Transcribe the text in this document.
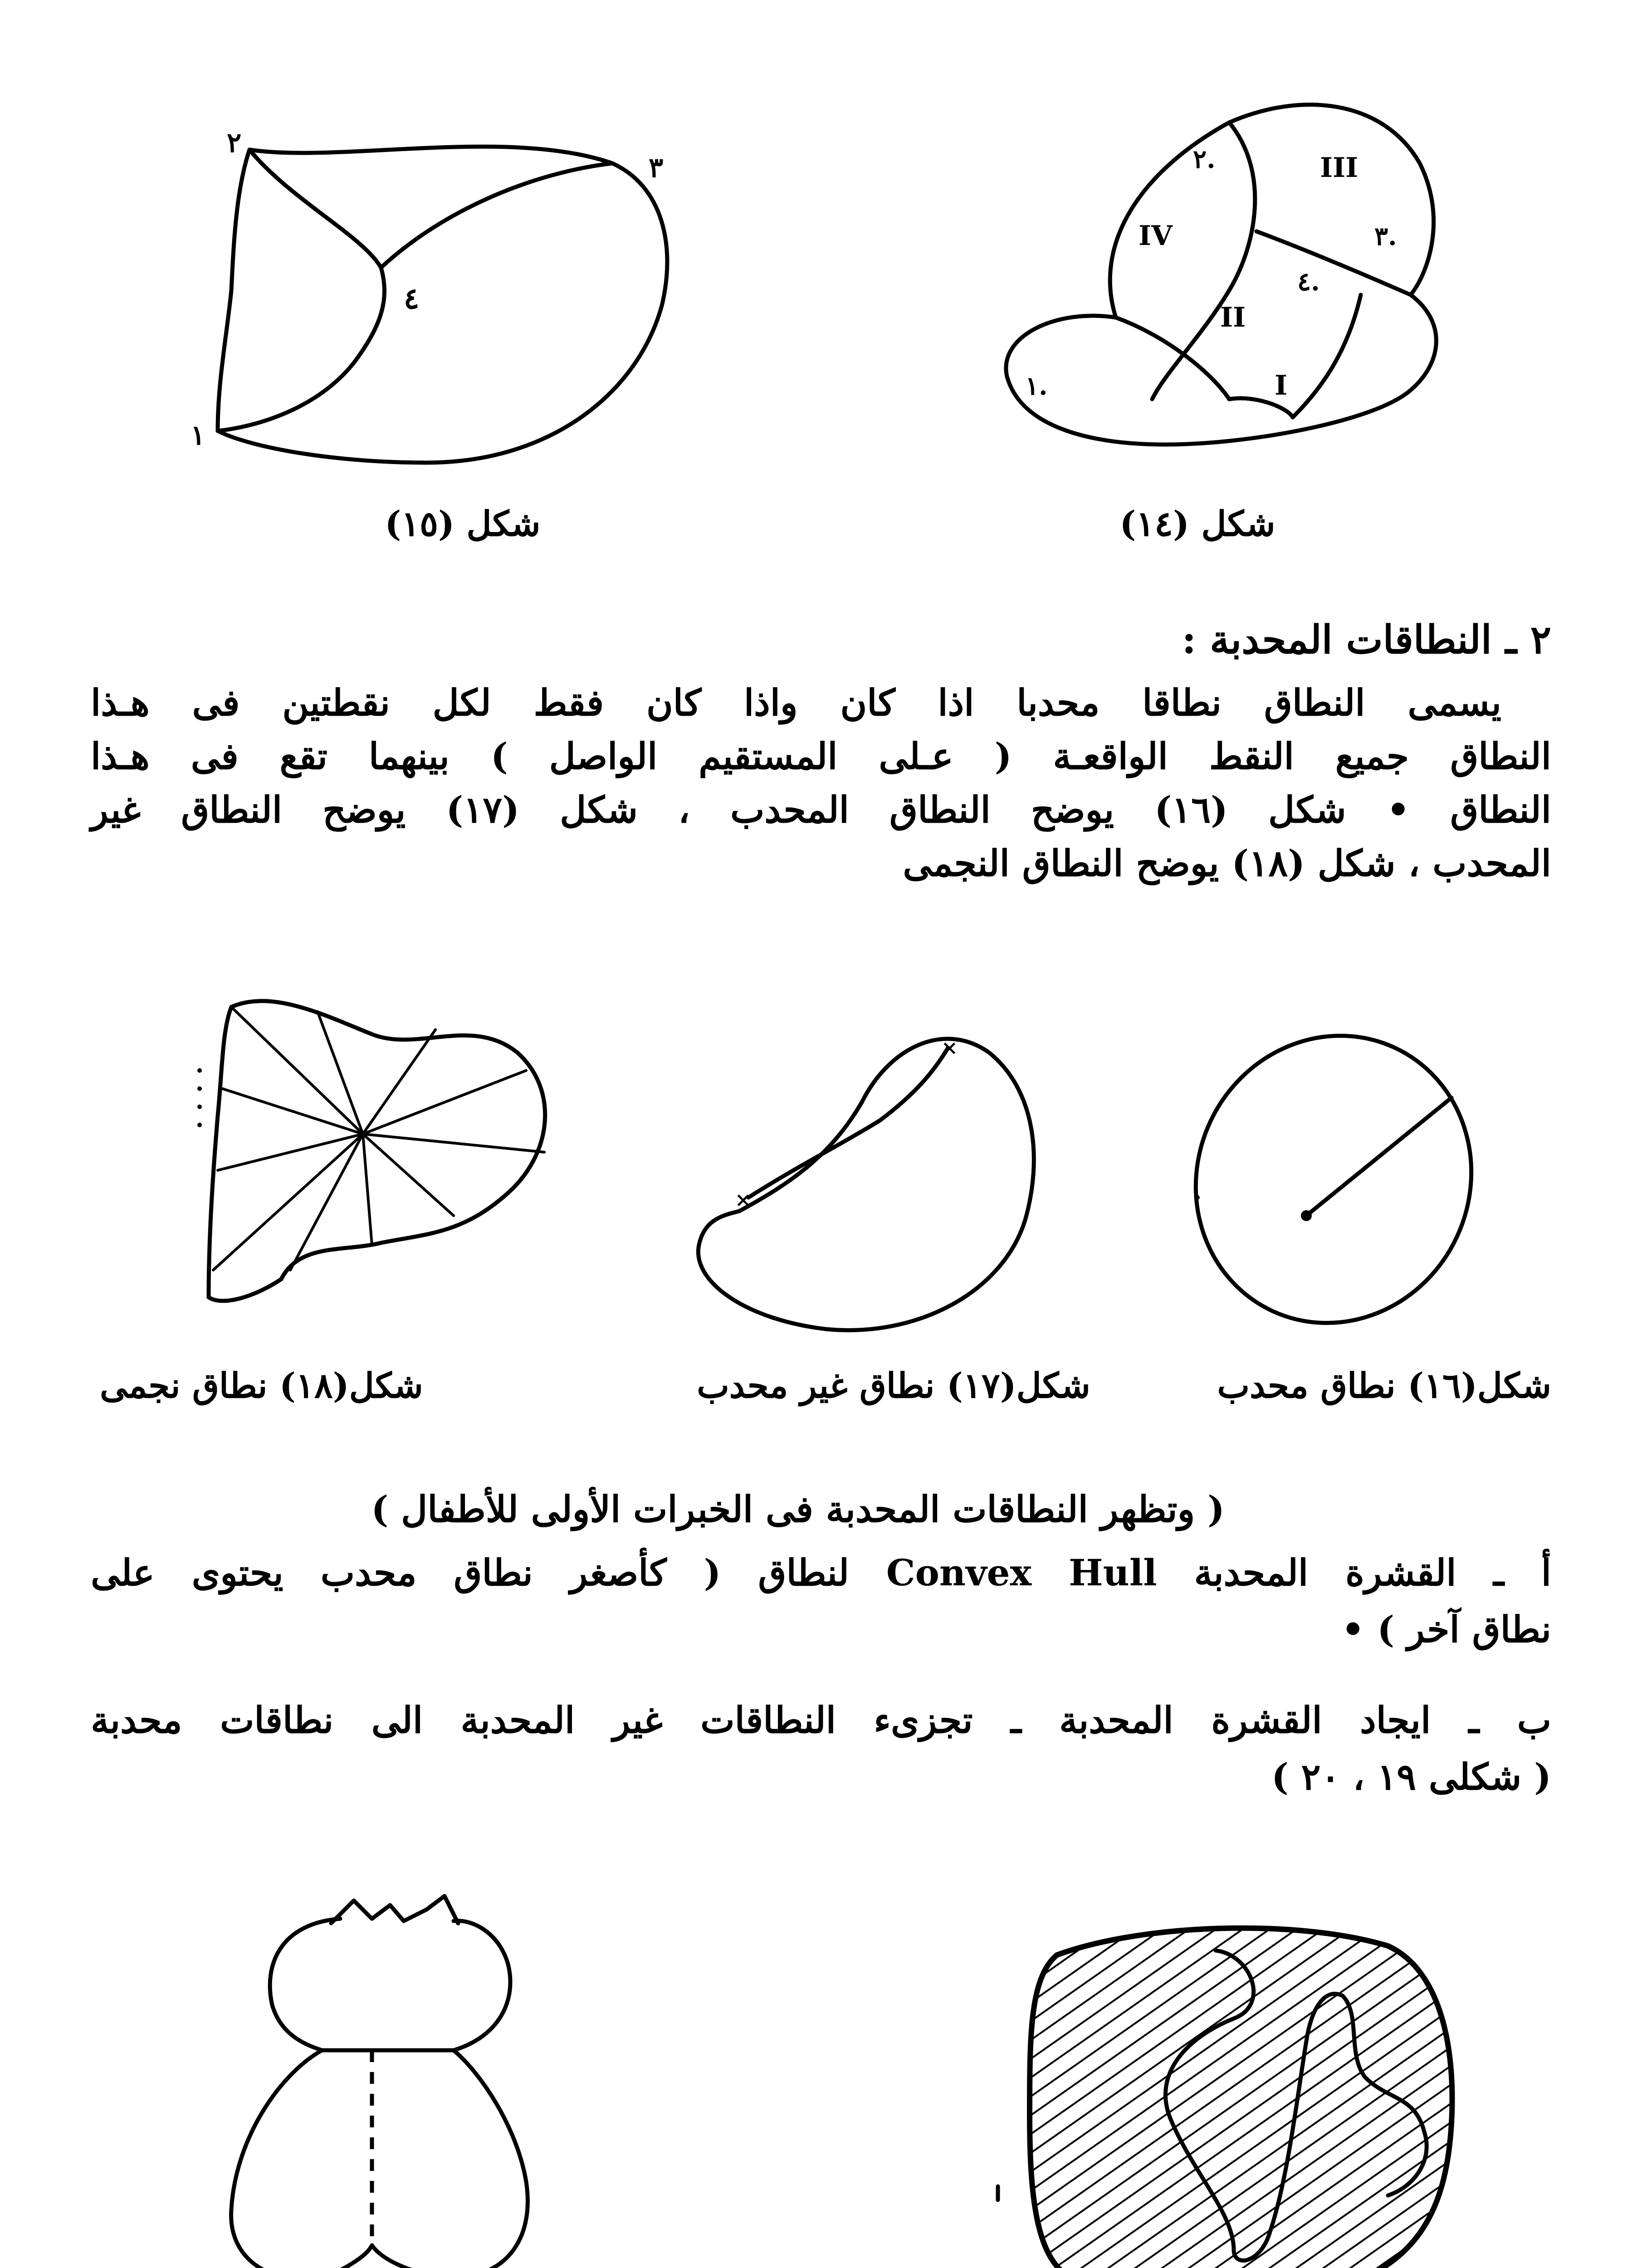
٢
٣
٤
١
شكل (١٥)
٢.	III
٣.
IV
٤.
II
I
١.
شكل (١٤)
٢ ـ النطاقات المحدبة :
يسمى النطاق نطاقا محدبا اذا كان واذا كان فقط لكل نقطتين فى هـذا
النطاق جميع النقط الواقعـة ( عـلى المستقيم الواصل ) بينهما تقع فى هـذا
النطاق • شكل (١٦) يوضح النطاق المحدب ، شكل (١٧) يوضح النطاق غير
المحدب ، شكل (١٨) يوضح النطاق النجمى
×
×
شكل(١٦) نطاق محدب
شكل(١٧) نطاق غير محدب
شكل(١٨) نطاق نجمى
( وتظهر النطاقات المحدبة فى الخبرات الأولى للأطفال )
أ ـ القشرة المحدبة Convex Hull لنطاق ( كأصغر نطاق محدب يحتوى على
نطاق آخر ) •
ب ـ ايجاد القشرة المحدبة ـ تجزىء النطاقات غير المحدبة الى نطاقات محدبة
( شكلى ١٩ ، ٢٠ )
